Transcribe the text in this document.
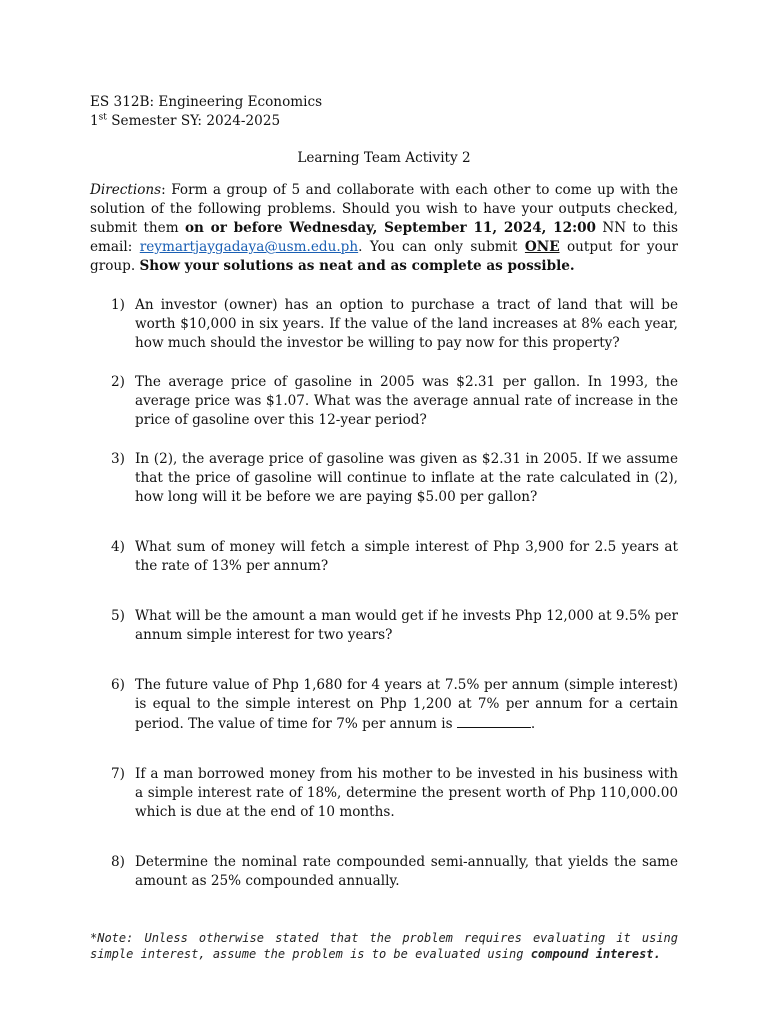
ES 312B: Engineering Economics

1st Semester SY: 2024-2025

Learning Team Activity 2

Directions: Form a group of 5 and collaborate with each other to come up with the solution of the following problems. Should you wish to have your outputs checked, submit them on or before Wednesday, September 11, 2024, 12:00 NN to this email: reymartjaygadaya@usm.edu.ph. You can only submit ONE output for your group. Show your solutions as neat and as complete as possible.

1) An investor (owner) has an option to purchase a tract of land that will be worth $10,000 in six years. If the value of the land increases at 8% each year, how much should the investor be willing to pay now for this property?
2) The average price of gasoline in 2005 was $2.31 per gallon. In 1993, the average price was $1.07. What was the average annual rate of increase in the price of gasoline over this 12-year period?
3) In (2), the average price of gasoline was given as $2.31 in 2005. If we assume that the price of gasoline will continue to inflate at the rate calculated in (2), how long will it be before we are paying $5.00 per gallon?
4) What sum of money will fetch a simple interest of Php 3,900 for 2.5 years at the rate of 13% per annum?
5) What will be the amount a man would get if he invests Php 12,000 at 9.5% per annum simple interest for two years?
6) The future value of Php 1,680 for 4 years at 7.5% per annum (simple interest) is equal to the simple interest on Php 1,200 at 7% per annum for a certain period. The value of time for 7% per annum is	.
7) If a man borrowed money from his mother to be invested in his business with a simple interest rate of 18%, determine the present worth of Php 110,000.00 which is due at the end of 10 months.
8) Determine the nominal rate compounded semi-annually, that yields the same amount as 25% compounded annually.
*Note: Unless otherwise stated that the problem requires evaluating it using simple interest, assume the problem is to be evaluated using compound interest.
